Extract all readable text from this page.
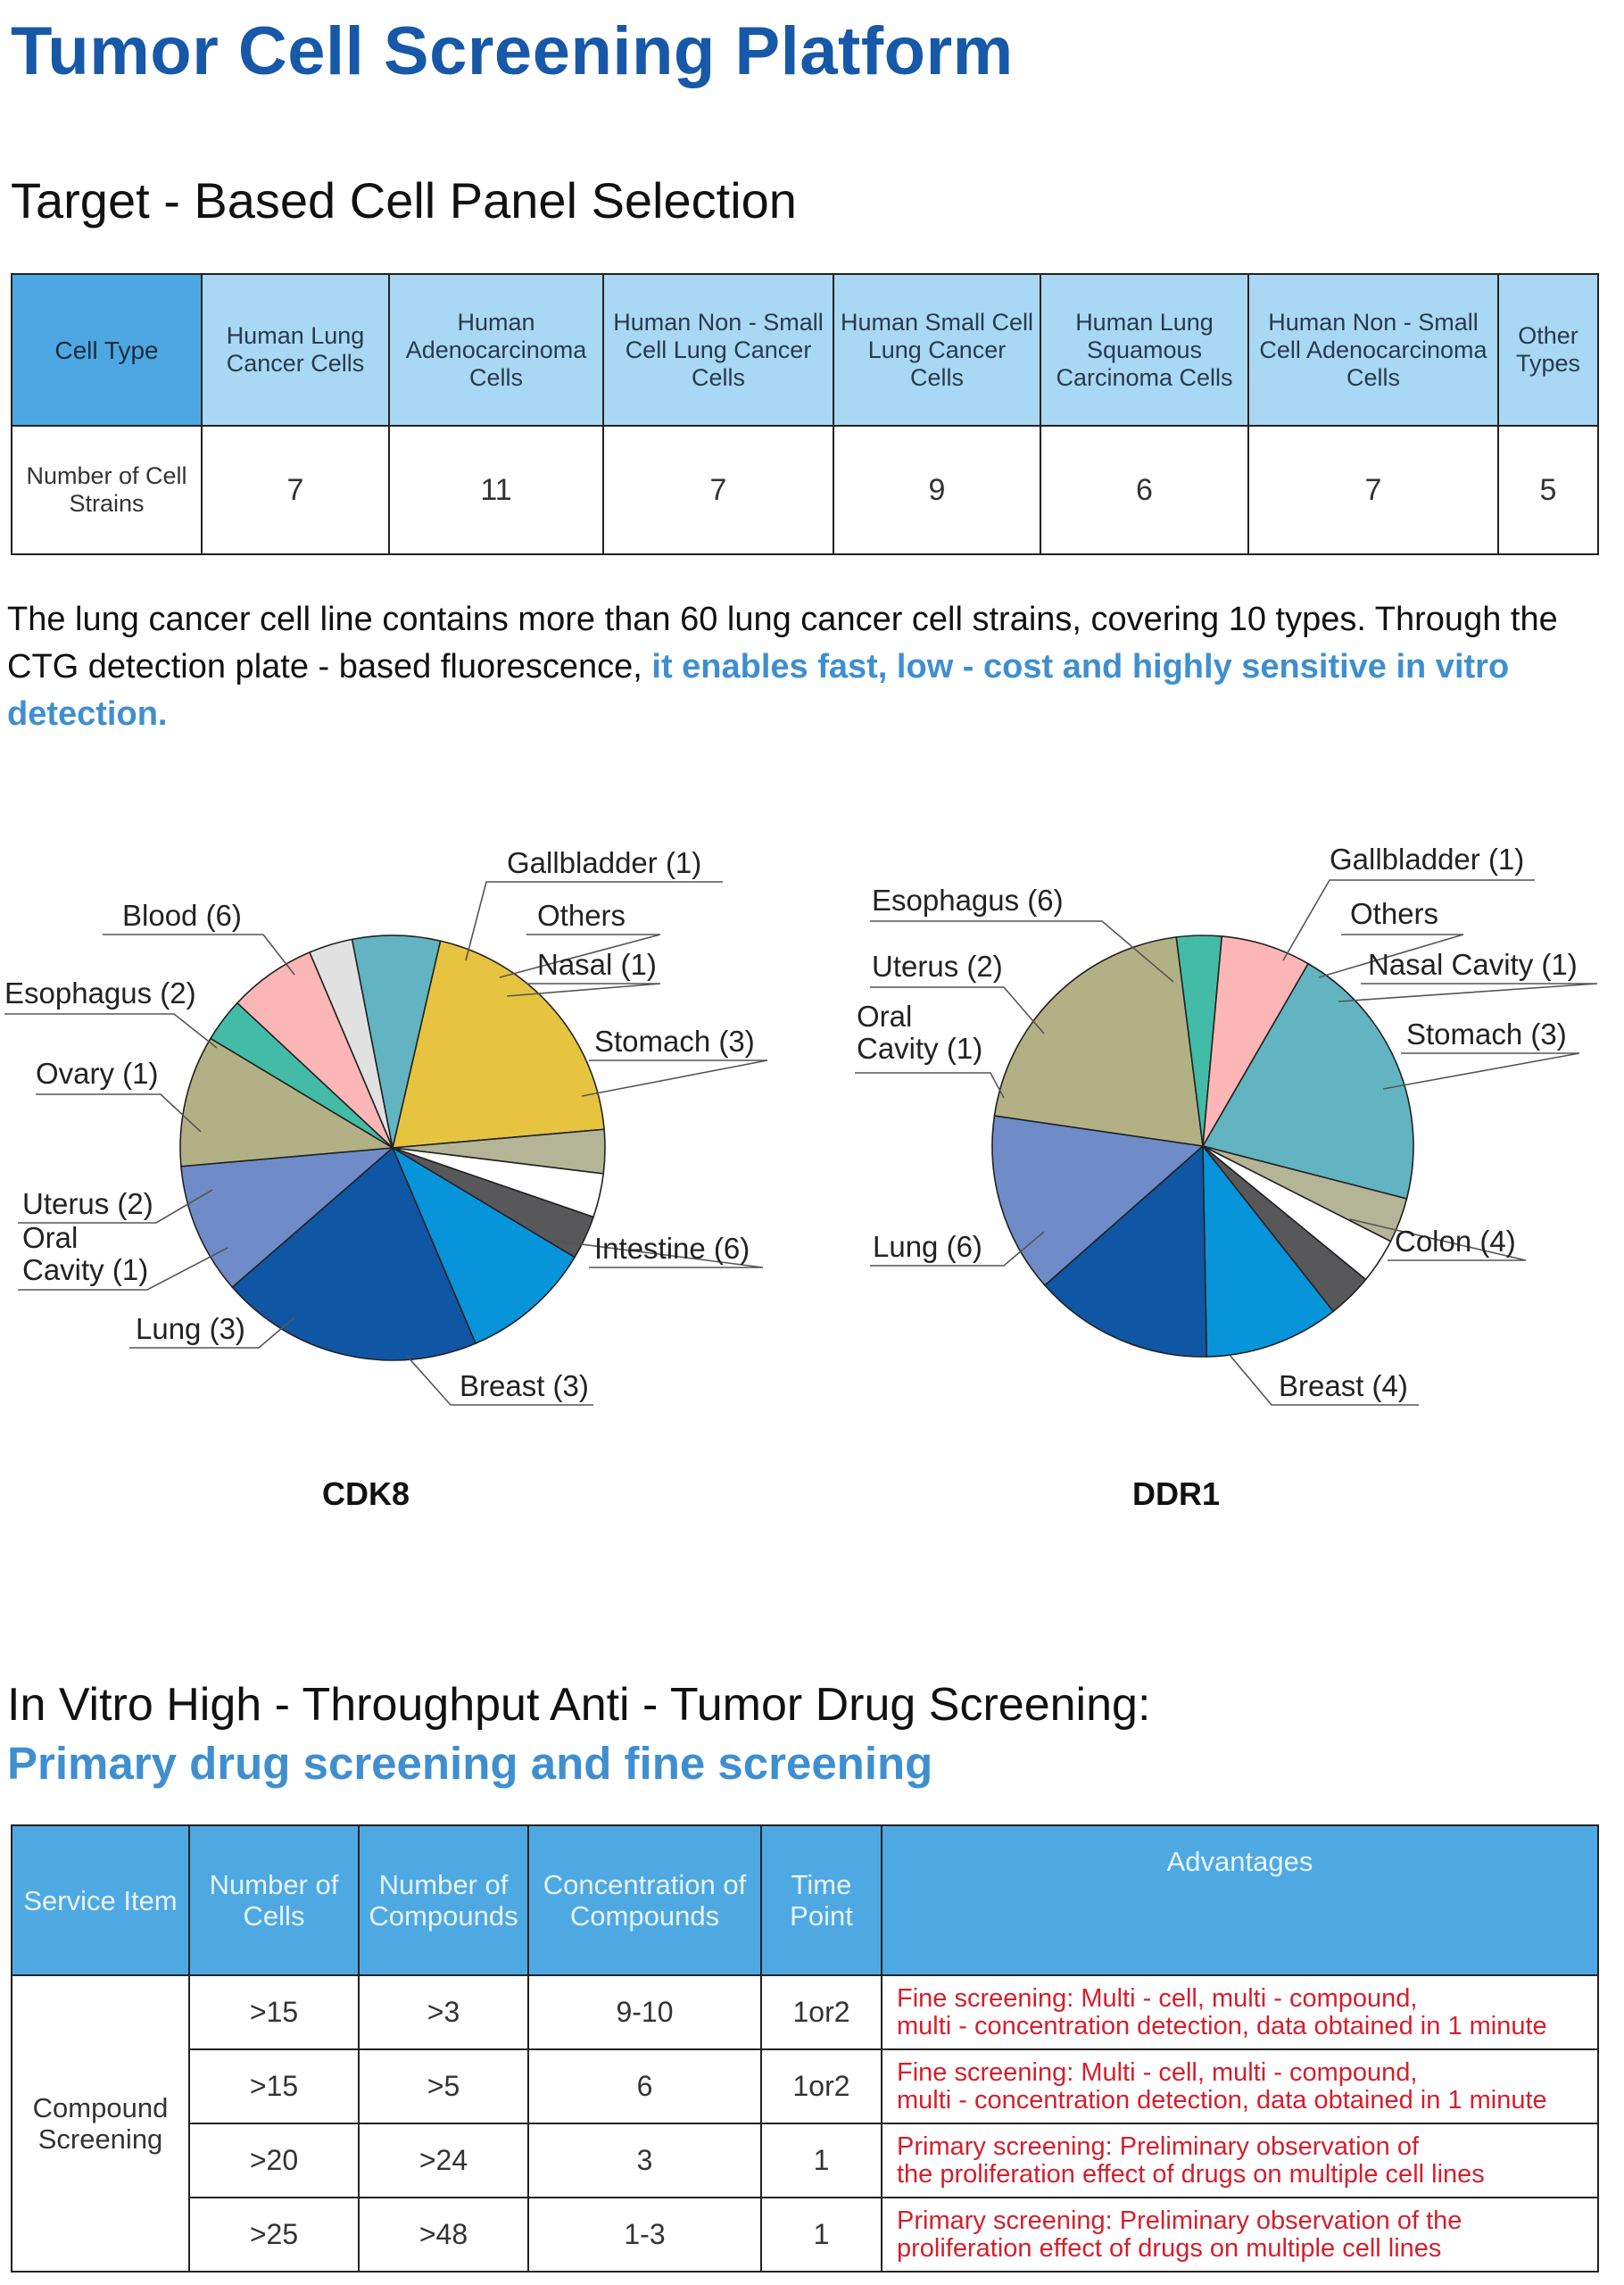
Tumor Cell Screening Platform
Target - Based Cell Panel Selection
Cell Type	Human Lung Cancer Cells	Human Adenocarcinoma Cells	Human Non - Small Cell Lung Cancer Cells	Human Small Cell Lung Cancer Cells	Human Lung Squamous Carcinoma Cells	Human Non - Small Cell Adenocarcinoma Cells	Other Types
Number of Cell Strains	7	11	7	9	6	7	5
The lung cancer cell line contains more than 60 lung cancer cell strains, covering 10 types. Through the CTG detection plate - based fluorescence, it enables fast, low - cost and highly sensitive in vitro detection.
Blood (6)
Gallbladder (1)
Others
Nasal (1)
Stomach (3)
Intestine (6)
Breast (3)
Lung (3)
Oral Cavity (1)
Uterus (2)
Ovary (1)
Esophagus (2)
Esophagus (6)
Gallbladder (1)
Others
Nasal Cavity (1)
Stomach (3)
Colon (4)
Breast (4)
Lung (6)
Oral Cavity (1)
Uterus (2)
CDK8	DDR1
In Vitro High - Throughput Anti - Tumor Drug Screening:
Primary drug screening and fine screening
Service Item	Number of Cells	Number of Compounds	Concentration of Compounds	Time Point	Advantages
Compound Screening	>15	>3	9-10	1or2	Fine screening: Multi - cell, multi - compound,
multi - concentration detection, data obtained in 1 minute

	>15	>5	6	1or2	Fine screening: Multi - cell, multi - compound,
multi - concentration detection, data obtained in 1 minute

	>20	>24	3	1	Primary screening: Preliminary observation of
the proliferation effect of drugs on multiple cell lines

	>25	>48	1-3	1	Primary screening: Preliminary observation of the
proliferation effect of drugs on multiple cell lines
